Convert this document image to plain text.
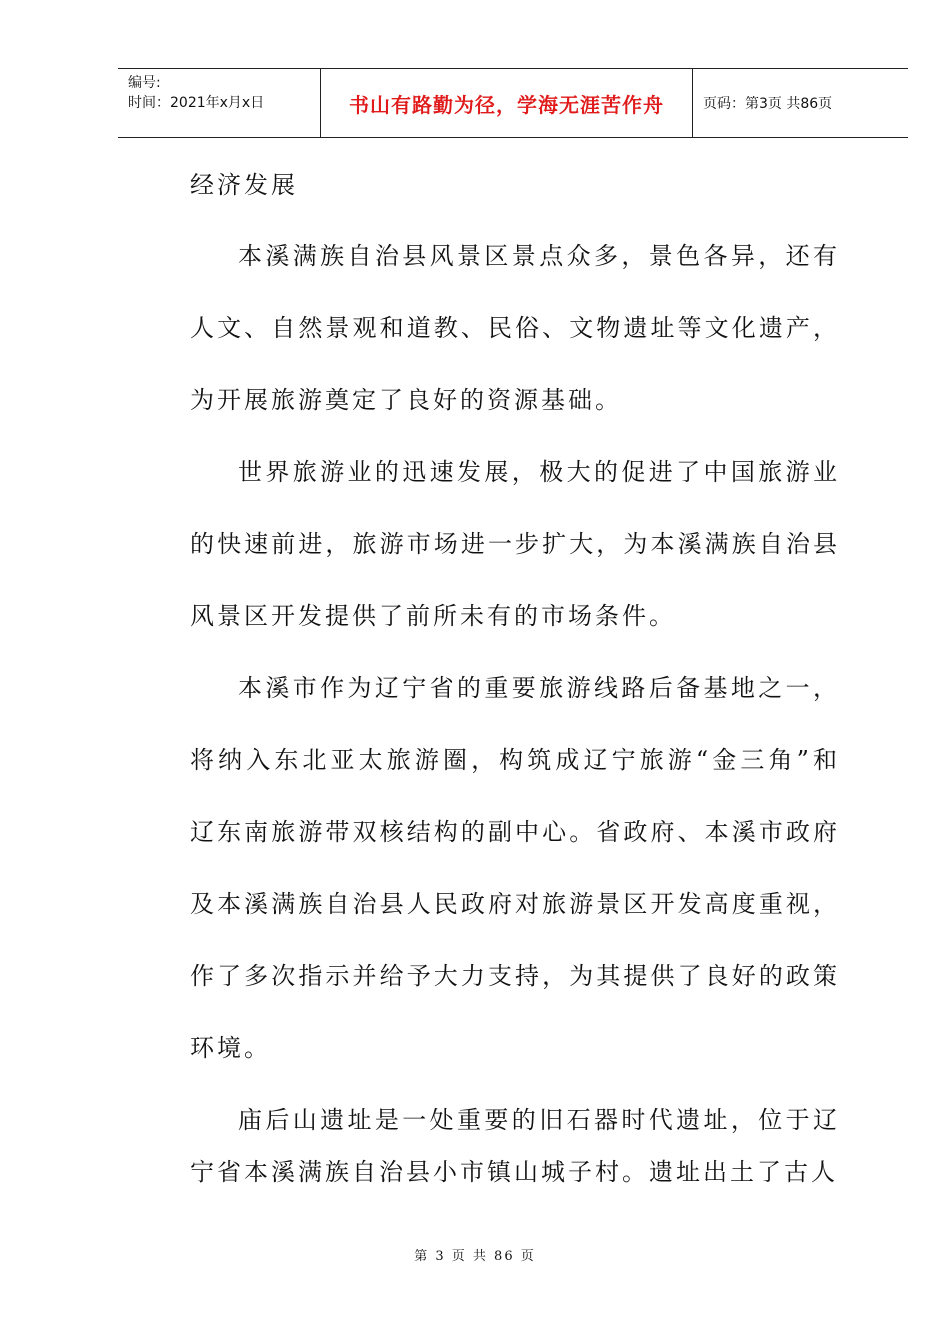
编号:
时间：2021年x月x日	书山有路勤为径，学海无涯苦作舟	页码：第3页 共86页

经济发展

本溪满族自治县风景区景点众多，景色各异，还有人文、自然景观和道教、民俗、文物遗址等文化遗产，为开展旅游奠定了良好的资源基础。

世界旅游业的迅速发展，极大的促进了中国旅游业的快速前进，旅游市场进一步扩大，为本溪满族自治县风景区开发提供了前所未有的市场条件。

本溪市作为辽宁省的重要旅游线路后备基地之一，将纳入东北亚太旅游圈，构筑成辽宁旅游“金三角”和辽东南旅游带双核结构的副中心。省政府、本溪市政府及本溪满族自治县人民政府对旅游景区开发高度重视，作了多次指示并给予大力支持，为其提供了良好的政策环境。

庙后山遗址是一处重要的旧石器时代遗址，位于辽宁省本溪满族自治县小市镇山城子村。遗址出土了古人

第 3 页 共 86 页
